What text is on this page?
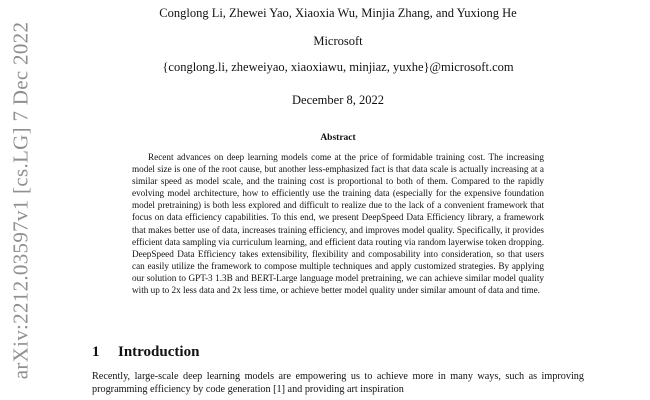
arXiv:2212.03597v1 [cs.LG] 7 Dec 2022
Conglong Li, Zhewei Yao, Xiaoxia Wu, Minjia Zhang, and Yuxiong He
Microsoft
{conglong.li, zheweiyao, xiaoxiawu, minjiaz, yuxhe}@microsoft.com
December 8, 2022
Abstract
Recent advances on deep learning models come at the price of formidable training cost. The increasing model size is one of the root cause, but another less-emphasized fact is that data scale is actually increasing at a similar speed as model scale, and the training cost is proportional to both of them. Compared to the rapidly evolving model architecture, how to efficiently use the training data (especially for the expensive foundation model pretraining) is both less explored and difficult to realize due to the lack of a convenient framework that focus on data efficiency capabilities. To this end, we present DeepSpeed Data Efficiency library, a framework that makes better use of data, increases training efficiency, and improves model quality. Specifically, it provides efficient data sampling via curriculum learning, and efficient data routing via random layerwise token dropping. DeepSpeed Data Efficiency takes extensibility, flexibility and composability into consideration, so that users can easily utilize the framework to compose multiple techniques and apply customized strategies. By applying our solution to GPT-3 1.3B and BERT-Large language model pretraining, we can achieve similar model quality with up to 2x less data and 2x less time, or achieve better model quality under similar amount of data and time.
1 Introduction
Recently, large-scale deep learning models are empowering us to achieve more in many ways, such as improving programming efficiency by code generation [1] and providing art inspiration
